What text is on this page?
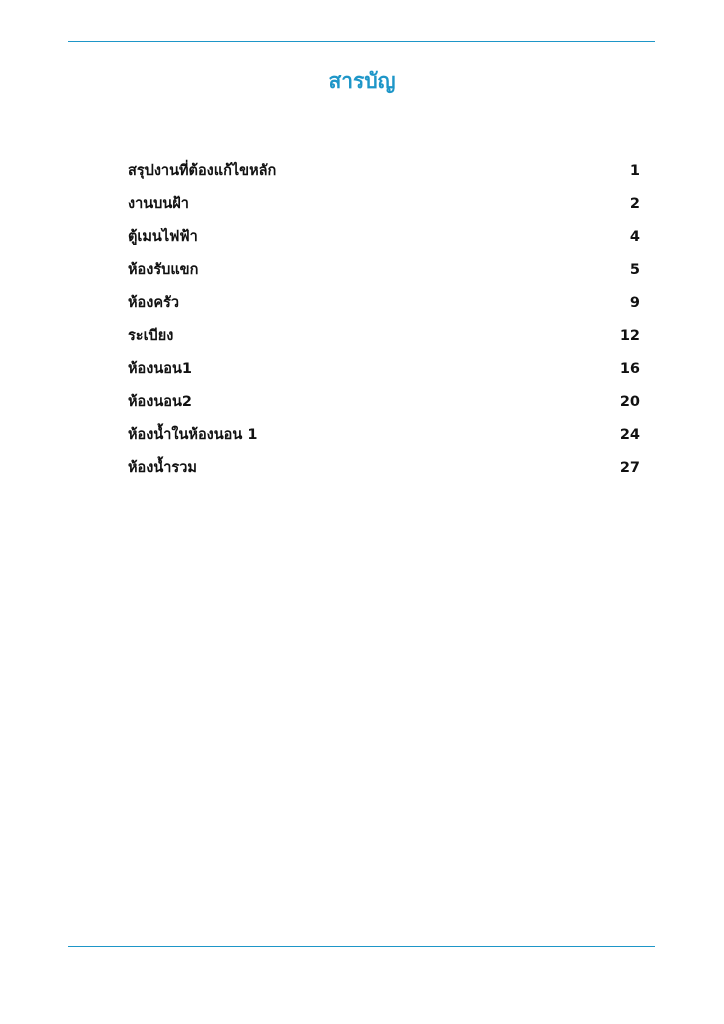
สารบัญ
สรุปงานที่ต้องแก้ไขหลัก	1
งานบนฝ้า	2
ตู้เมนไฟฟ้า	4
ห้องรับแขก	5
ห้องครัว	9
ระเบียง	12
ห้องนอน1	16
ห้องนอน2	20
ห้องน้ำในห้องนอน 1	24
ห้องน้ำรวม	27
